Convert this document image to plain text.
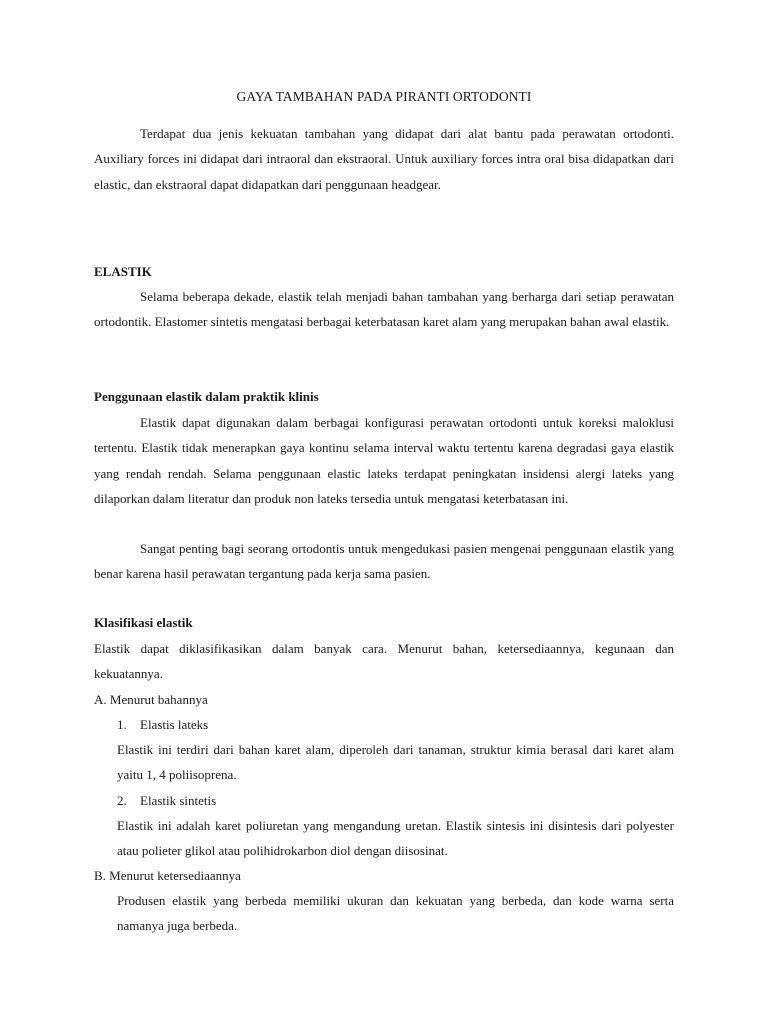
GAYA TAMBAHAN PADA PIRANTI ORTODONTI

Terdapat dua jenis kekuatan tambahan yang didapat dari alat bantu pada perawatan ortodonti. Auxiliary forces ini didapat dari intraoral dan ekstraoral. Untuk auxiliary forces intra oral bisa didapatkan dari elastic, dan ekstraoral dapat didapatkan dari penggunaan headgear.

ELASTIK

Selama beberapa dekade, elastik telah menjadi bahan tambahan yang berharga dari setiap perawatan ortodontik. Elastomer sintetis mengatasi berbagai keterbatasan karet alam yang merupakan bahan awal elastik.

Penggunaan elastik dalam praktik klinis

Elastik dapat digunakan dalam berbagai konfigurasi perawatan ortodonti untuk koreksi maloklusi tertentu. Elastik tidak menerapkan gaya kontinu selama interval waktu tertentu karena degradasi gaya elastik yang rendah rendah. Selama penggunaan elastic lateks terdapat peningkatan insidensi alergi lateks yang dilaporkan dalam literatur dan produk non lateks tersedia untuk mengatasi keterbatasan ini.

Sangat penting bagi seorang ortodontis untuk mengedukasi pasien mengenai penggunaan elastik yang benar karena hasil perawatan tergantung pada kerja sama pasien.

Klasifikasi elastik

Elastik dapat diklasifikasikan dalam banyak cara. Menurut bahan, ketersediaannya, kegunaan dan kekuatannya.

A. Menurut bahannya

1. Elastis lateks

Elastik ini terdiri dari bahan karet alam, diperoleh dari tanaman, struktur kimia berasal dari karet alam yaitu 1, 4 poliisoprena.

2. Elastik sintetis

Elastik ini adalah karet poliuretan yang mengandung uretan. Elastik sintesis ini disintesis dari polyester atau polieter glikol atau polihidrokarbon diol dengan diisosinat.

B. Menurut ketersediaannya

Produsen elastik yang berbeda memiliki ukuran dan kekuatan yang berbeda, dan kode warna serta namanya juga berbeda.
